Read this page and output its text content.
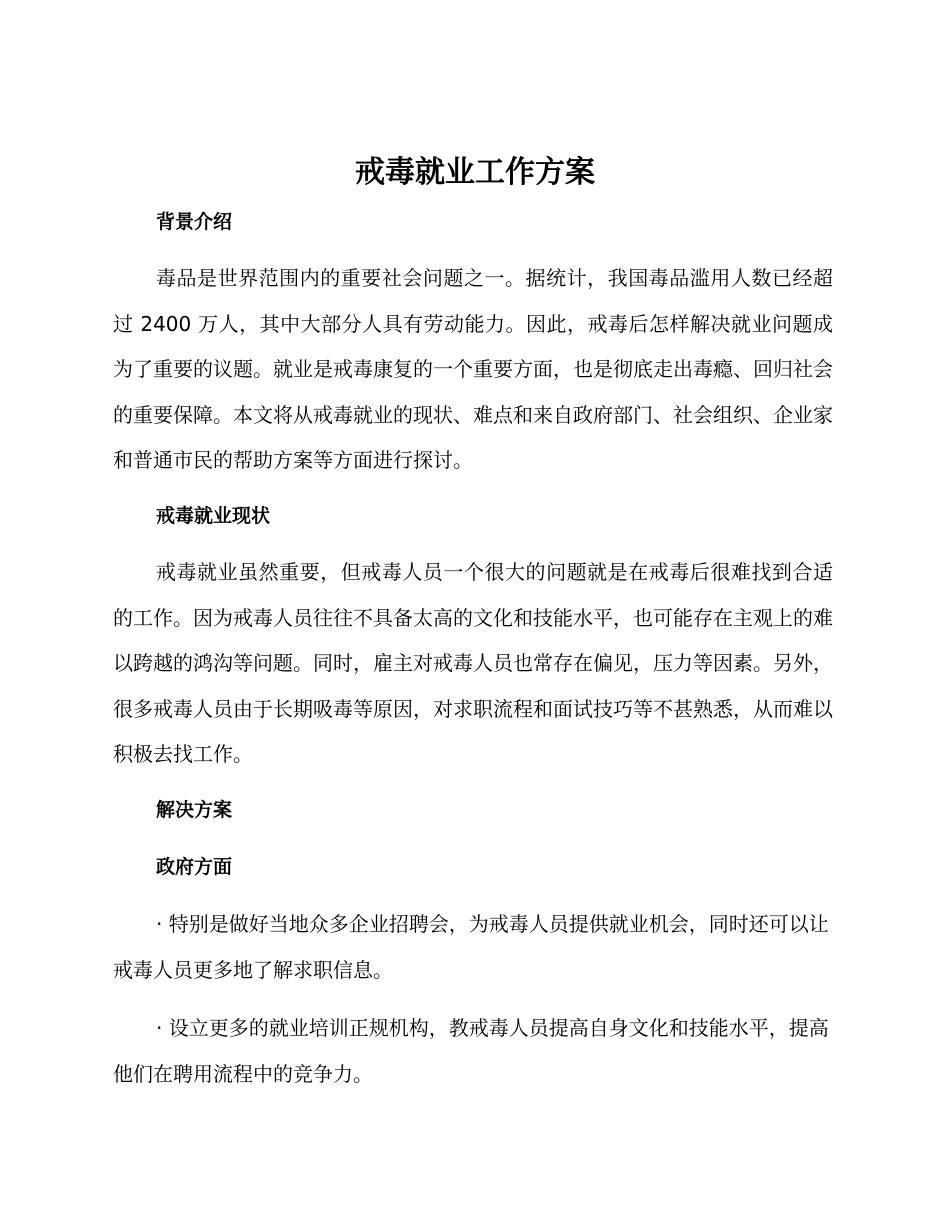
戒毒就业工作方案
背景介绍

毒品是世界范围内的重要社会问题之一。据统计，我国毒品滥用人数已经超过 2400 万人，其中大部分人具有劳动能力。因此，戒毒后怎样解决就业问题成为了重要的议题。就业是戒毒康复的一个重要方面，也是彻底走出毒瘾、回归社会的重要保障。本文将从戒毒就业的现状、难点和来自政府部门、社会组织、企业家和普通市民的帮助方案等方面进行探讨。

戒毒就业现状

戒毒就业虽然重要，但戒毒人员一个很大的问题就是在戒毒后很难找到合适的工作。因为戒毒人员往往不具备太高的文化和技能水平，也可能存在主观上的难以跨越的鸿沟等问题。同时，雇主对戒毒人员也常存在偏见，压力等因素。另外，很多戒毒人员由于长期吸毒等原因，对求职流程和面试技巧等不甚熟悉，从而难以积极去找工作。

解决方案
政府方面

· 特别是做好当地众多企业招聘会，为戒毒人员提供就业机会，同时还可以让戒毒人员更多地了解求职信息。

· 设立更多的就业培训正规机构，教戒毒人员提高自身文化和技能水平，提高他们在聘用流程中的竞争力。
